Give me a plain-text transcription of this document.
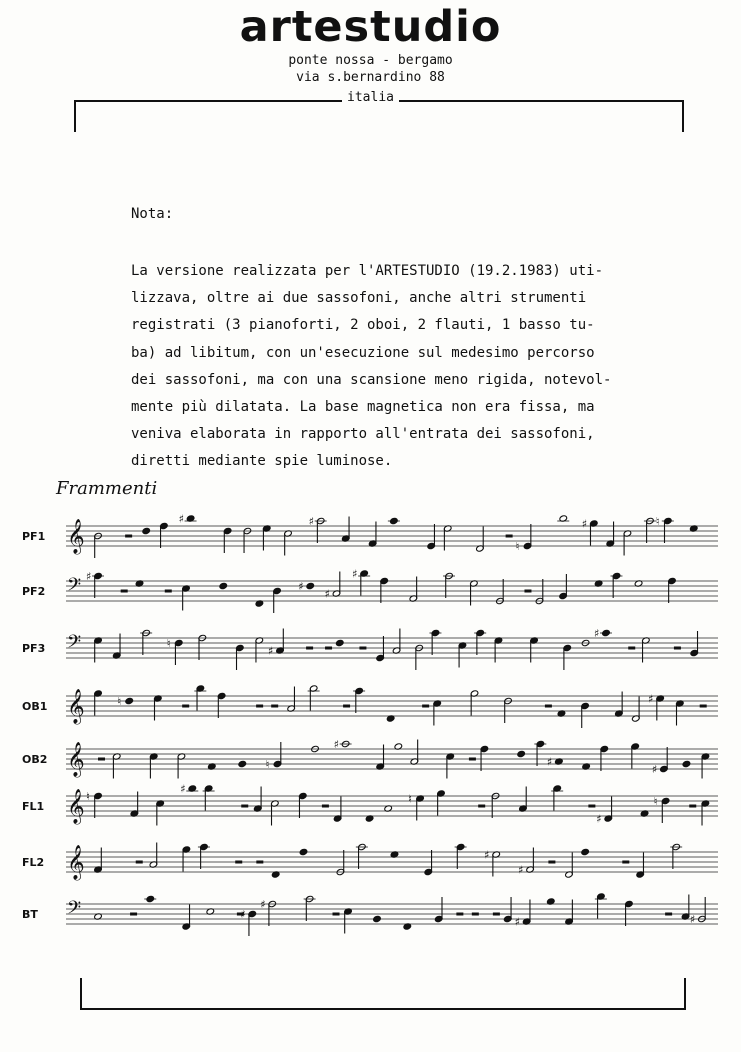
artestudio
ponte nossa - bergamo
via s.bernardino 88
italia
Nota:
La versione realizzata per l'ARTESTUDIO (19.2.1983) uti-
lizzava, oltre ai due sassofoni, anche altri strumenti
registrati (3 pianoforti, 2 oboi, 2 flauti, 1 basso tu-
ba) ad libitum, con un'esecuzione sul medesimo percorso
dei sassofoni, ma con una scansione meno rigida, notevol-
mente più dilatata. La base magnetica non era fissa, ma
veniva elaborata in rapporto all'entrata dei sassofoni,
diretti mediante spie luminose.
Frammenti
PF1 𝄞	♯	♯
♮
♯	♮
PF2 𝄢 ♯
♯
♯
♯
PF3 𝄢	♮
♯
♯
OB1 𝄞	♮	♯
OB2 𝄞	♮
♯
♯
♯
FL1 𝄞 ♮
♯
♮
♯
♮
FL2 𝄞	♯
♯
BT 𝄢	♯
♯
♯	♯
